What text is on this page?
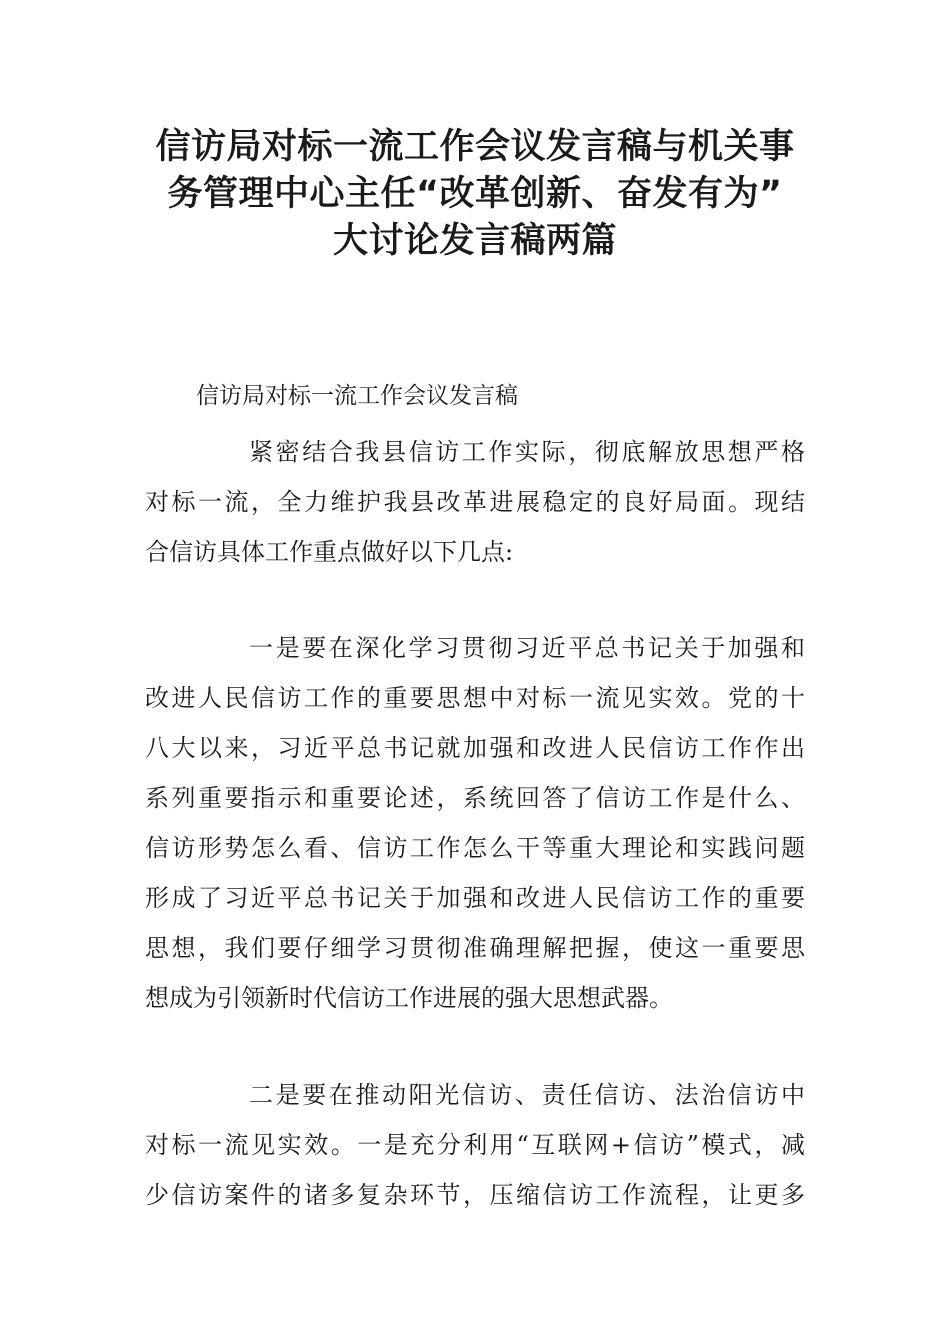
信访局对标一流工作会议发言稿与机关事
务管理中心主任“改革创新、奋发有为”
大讨论发言稿两篇

信访局对标一流工作会议发言稿

紧密结合我县信访工作实际，彻底解放思想严格
对标一流，全力维护我县改革进展稳定的良好局面。现结
合信访具体工作重点做好以下几点:

一是要在深化学习贯彻习近平总书记关于加强和
改进人民信访工作的重要思想中对标一流见实效。党的十
八大以来，习近平总书记就加强和改进人民信访工作作出
系列重要指示和重要论述，系统回答了信访工作是什么、
信访形势怎么看、信访工作怎么干等重大理论和实践问题
形成了习近平总书记关于加强和改进人民信访工作的重要
思想，我们要仔细学习贯彻准确理解把握，使这一重要思
想成为引领新时代信访工作进展的强大思想武器。

二是要在推动阳光信访、责任信访、法治信访中
对标一流见实效。一是充分利用“互联网+信访”模式，减
少信访案件的诸多复杂环节，压缩信访工作流程，让更多
